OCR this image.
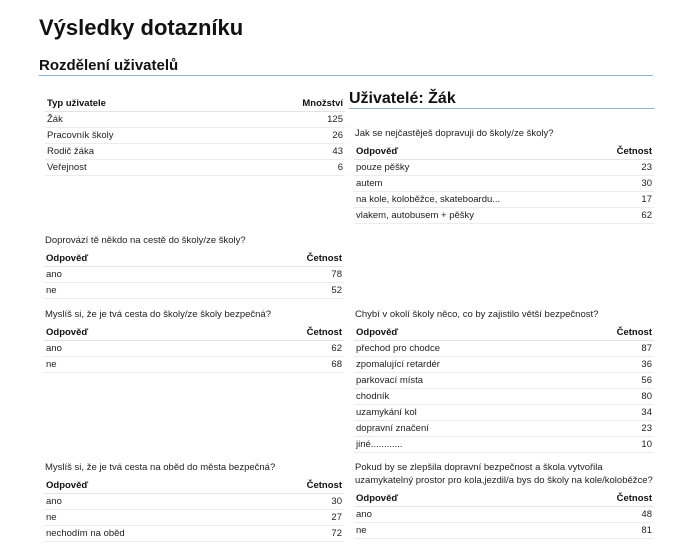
Výsledky dotazníku
Rozdělení uživatelů
Typ uživatele	Množství
Žák	125
Pracovník školy	26
Rodič žáka	43
Veřejnost	6
Uživatelé: Žák
Jak se nejčastěješ dopravuji do školy/ze školy?
Odpověď	Četnost
pouze pěšky	23
autem	30
na kole, koloběžce, skateboardu...	17
vlakem, autobusem + pěšky	62
Doprovází tě někdo na cestě do školy/ze školy?
Odpověď	Četnost
ano	78
ne	52
Myslíš si, že je tvá cesta do školy/ze školy bezpečná?
Odpověď	Četnost
ano	62
ne	68
Chybí v okolí školy něco, co by zajistilo větší bezpečnost?
Odpověď	Četnost
přechod pro chodce	87
zpomalující retardér	36
parkovací místa	56
chodník	80
uzamykání kol	34
dopravní značení	23
jiné............	10
Myslíš si, že je tvá cesta na oběd do města bezpečná?
Odpověď	Četnost
ano	30
ne	27
nechodím na oběd	72
Pokud by se zlepšila dopravní bezpečnost a škola vytvořila uzamykatelný prostor pro kola,jezdil/a bys do školy na kole/koloběžce?
Odpověď	Četnost
ano	48
ne	81
